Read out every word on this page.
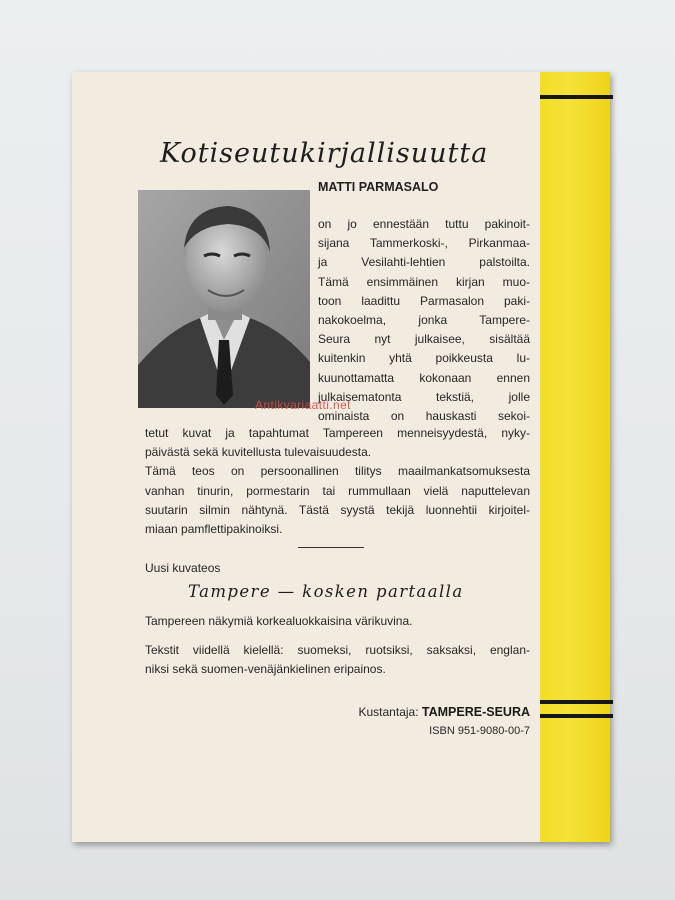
Kotiseutukirjallisuutta
MATTI PARMASALO
on jo ennestään tuttu pakinoit-
sijana Tammerkoski-, Pirkanmaa-
ja Vesilahti-lehtien palstoilta.
Tämä ensimmäinen kirjan muo-
toon laadittu Parmasalon paki-
nakokoelma, jonka Tampere-
Seura nyt julkaisee, sisältää
kuitenkin yhtä poikkeusta lu-
kuunottamatta kokonaan ennen
julkaisematonta tekstiä, jolle
ominaista on hauskasti sekoi-
tetut kuvat ja tapahtumat Tampereen menneisyydestä, nyky-
päivästä sekä kuvitellusta tulevaisuudesta.
Tämä teos on persoonallinen tilitys maailmankatsomuksesta
vanhan tinurin, pormestarin tai rummullaan vielä naputtelevan
suutarin silmin nähtynä. Tästä syystä tekijä luonnehtii kirjoitel-
miaan pamflettipakinoiksi.
Uusi kuvateos
Tampere — kosken partaalla
Tampereen näkymiä korkealuokkaisina värikuvina.
Tekstit viidellä kielellä: suomeksi, ruotsiksi, saksaksi, englan-
niksi sekä suomen-venäjänkielinen eripainos.
Kustantaja: TAMPERE-SEURA
ISBN 951-9080-00-7
Antikvariaatti.net
